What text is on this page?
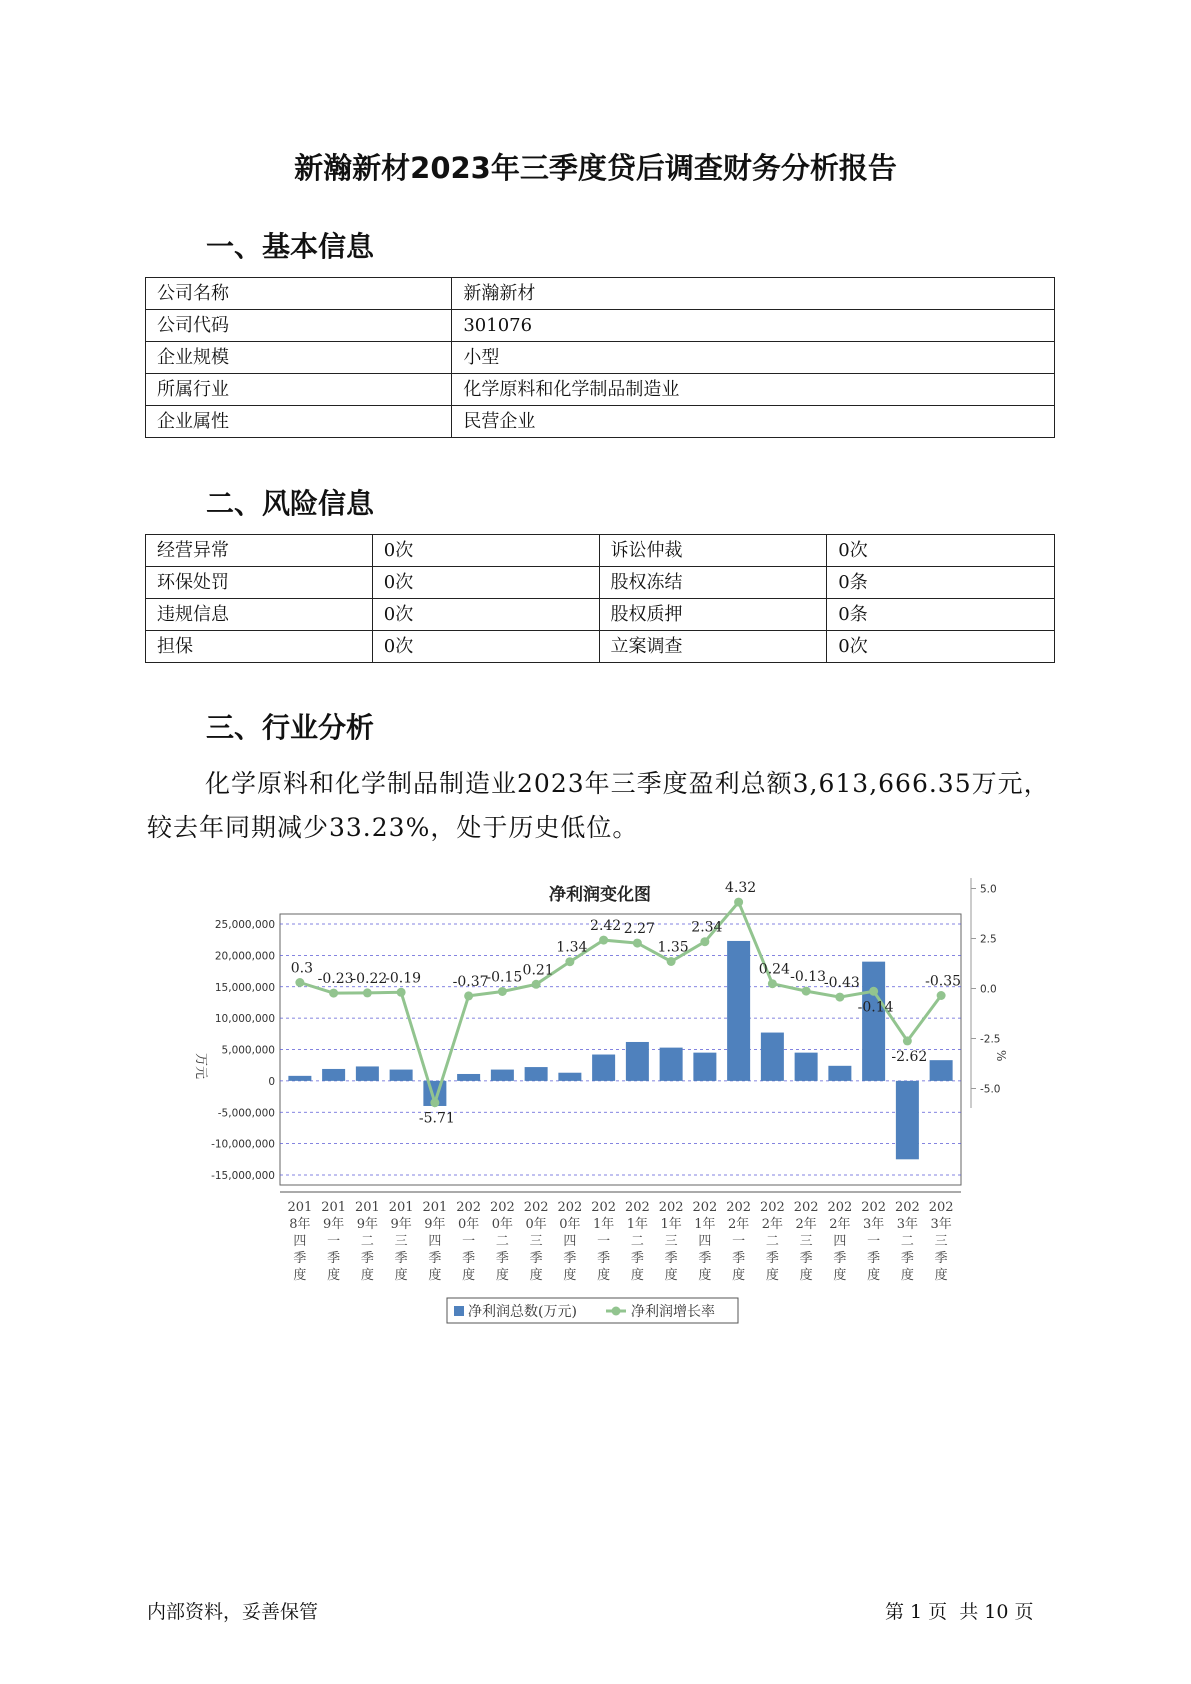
新瀚新材2023年三季度贷后调查财务分析报告
一、基本信息
公司名称	新瀚新材
公司代码	301076
企业规模	小型
所属行业	化学原料和化学制品制造业
企业属性	民营企业
二、风险信息
经营异常	0次	诉讼仲裁	0次
环保处罚	0次	股权冻结	0条
违规信息	0次	股权质押	0条
担保	0次	立案调查	0次
三、行业分析
化学原料和化学制品制造业2023年三季度盈利总额3,613,666.35万元，
较去年同期减少33.23%，处于历史低位。
净利润变化图
25,000,000
20,000,000
15,000,000
10,000,000
5,000,000
0
-5,000,000
-10,000,000
-15,000,000
万元
5.0
2.5
0.0
-2.5
-5.0
%
0.3
-0.23
-0.22
-0.19
-5.71
-0.37
-0.15 0.21
1.34
2.42 2.27
1.35
2.34
4.32
0.24 -0.13
-0.43
-0.14
-2.62
-0.35
201
8年
四
季
度
201
9年
一
季
度
201
9年
二
季
度
201
9年
三
季
度
201
9年
四
季
度
202
0年
一
季
度
202
0年
二
季
度
202
0年
三
季
度
202
0年
四
季
度
202
1年
一
季
度
202
1年
二
季
度
202
1年
三
季
度
202
1年
四
季
度
202
2年
一
季
度
202
2年
二
季
度
202
2年
三
季
度
202
2年
四
季
度
202
3年
一
季
度
202
3年
二
季
度
202
3年
三
季
度
净利润总数(万元)	净利润增长率
内部资料，妥善保管	第 1 页  共 10 页
